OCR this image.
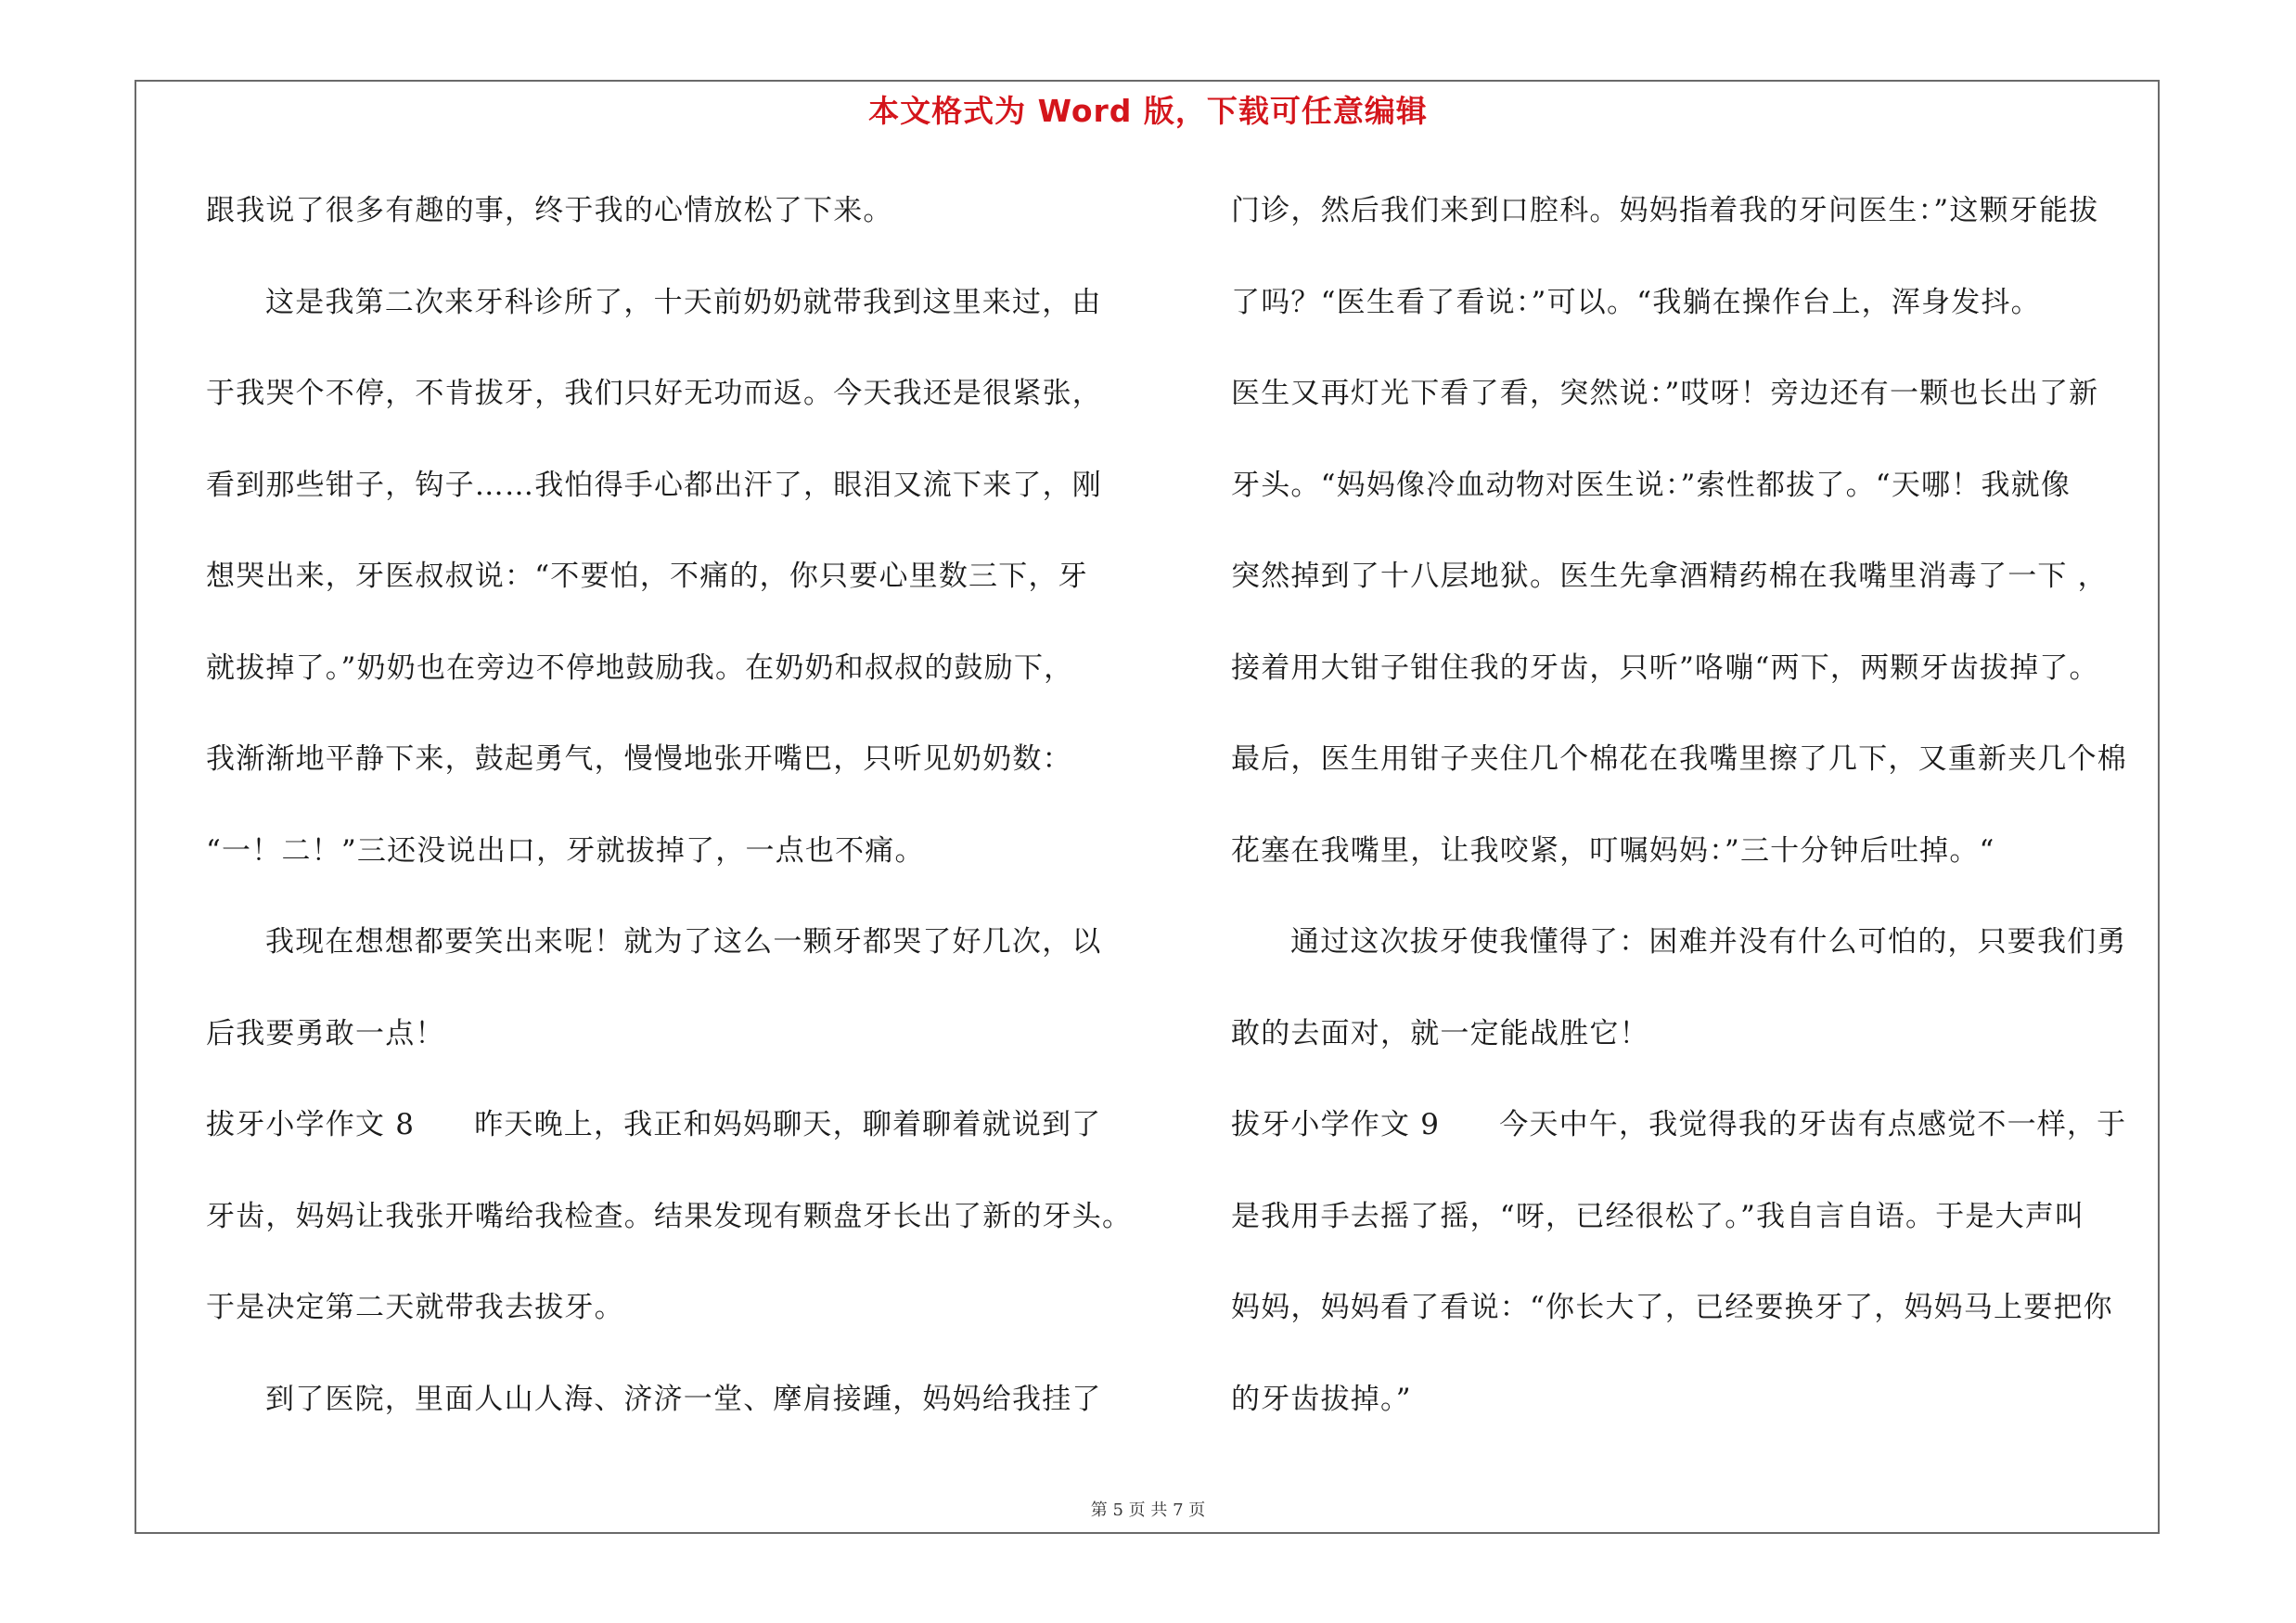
本文格式为 Word 版，下载可任意编辑
跟我说了很多有趣的事，终于我的心情放松了下来。
这是我第二次来牙科诊所了，十天前奶奶就带我到这里来过，由
于我哭个不停，不肯拔牙，我们只好无功而返。今天我还是很紧张，
看到那些钳子，钩子……我怕得手心都出汗了，眼泪又流下来了，刚
想哭出来，牙医叔叔说：“不要怕，不痛的，你只要心里数三下，牙
就拔掉了。”奶奶也在旁边不停地鼓励我。在奶奶和叔叔的鼓励下，
我渐渐地平静下来，鼓起勇气，慢慢地张开嘴巴，只听见奶奶数：
“一！二！”三还没说出口，牙就拔掉了，一点也不痛。
我现在想想都要笑出来呢！就为了这么一颗牙都哭了好几次，以
后我要勇敢一点！
拔牙小学作文 8 昨天晚上，我正和妈妈聊天，聊着聊着就说到了
牙齿，妈妈让我张开嘴给我检查。结果发现有颗盘牙长出了新的牙头。
于是决定第二天就带我去拔牙。
到了医院，里面人山人海、济济一堂、摩肩接踵，妈妈给我挂了
门诊，然后我们来到口腔科。妈妈指着我的牙问医生：”这颗牙能拔
了吗？“医生看了看说：”可以。“我躺在操作台上，浑身发抖。
医生又再灯光下看了看，突然说：”哎呀！旁边还有一颗也长出了新
牙头。“妈妈像冷血动物对医生说：”索性都拔了。“天哪！我就像
突然掉到了十八层地狱。医生先拿酒精药棉在我嘴里消毒了一下 ，
接着用大钳子钳住我的牙齿，只听”咯嘣“两下，两颗牙齿拔掉了。
最后，医生用钳子夹住几个棉花在我嘴里擦了几下，又重新夹几个棉
花塞在我嘴里，让我咬紧，叮嘱妈妈：”三十分钟后吐掉。“
通过这次拔牙使我懂得了：困难并没有什么可怕的，只要我们勇
敢的去面对，就一定能战胜它！
拔牙小学作文 9 今天中午，我觉得我的牙齿有点感觉不一样，于
是我用手去摇了摇，“呀，已经很松了。”我自言自语。于是大声叫
妈妈，妈妈看了看说：“你长大了，已经要换牙了，妈妈马上要把你
的牙齿拔掉。”
第 5 页 共 7 页
